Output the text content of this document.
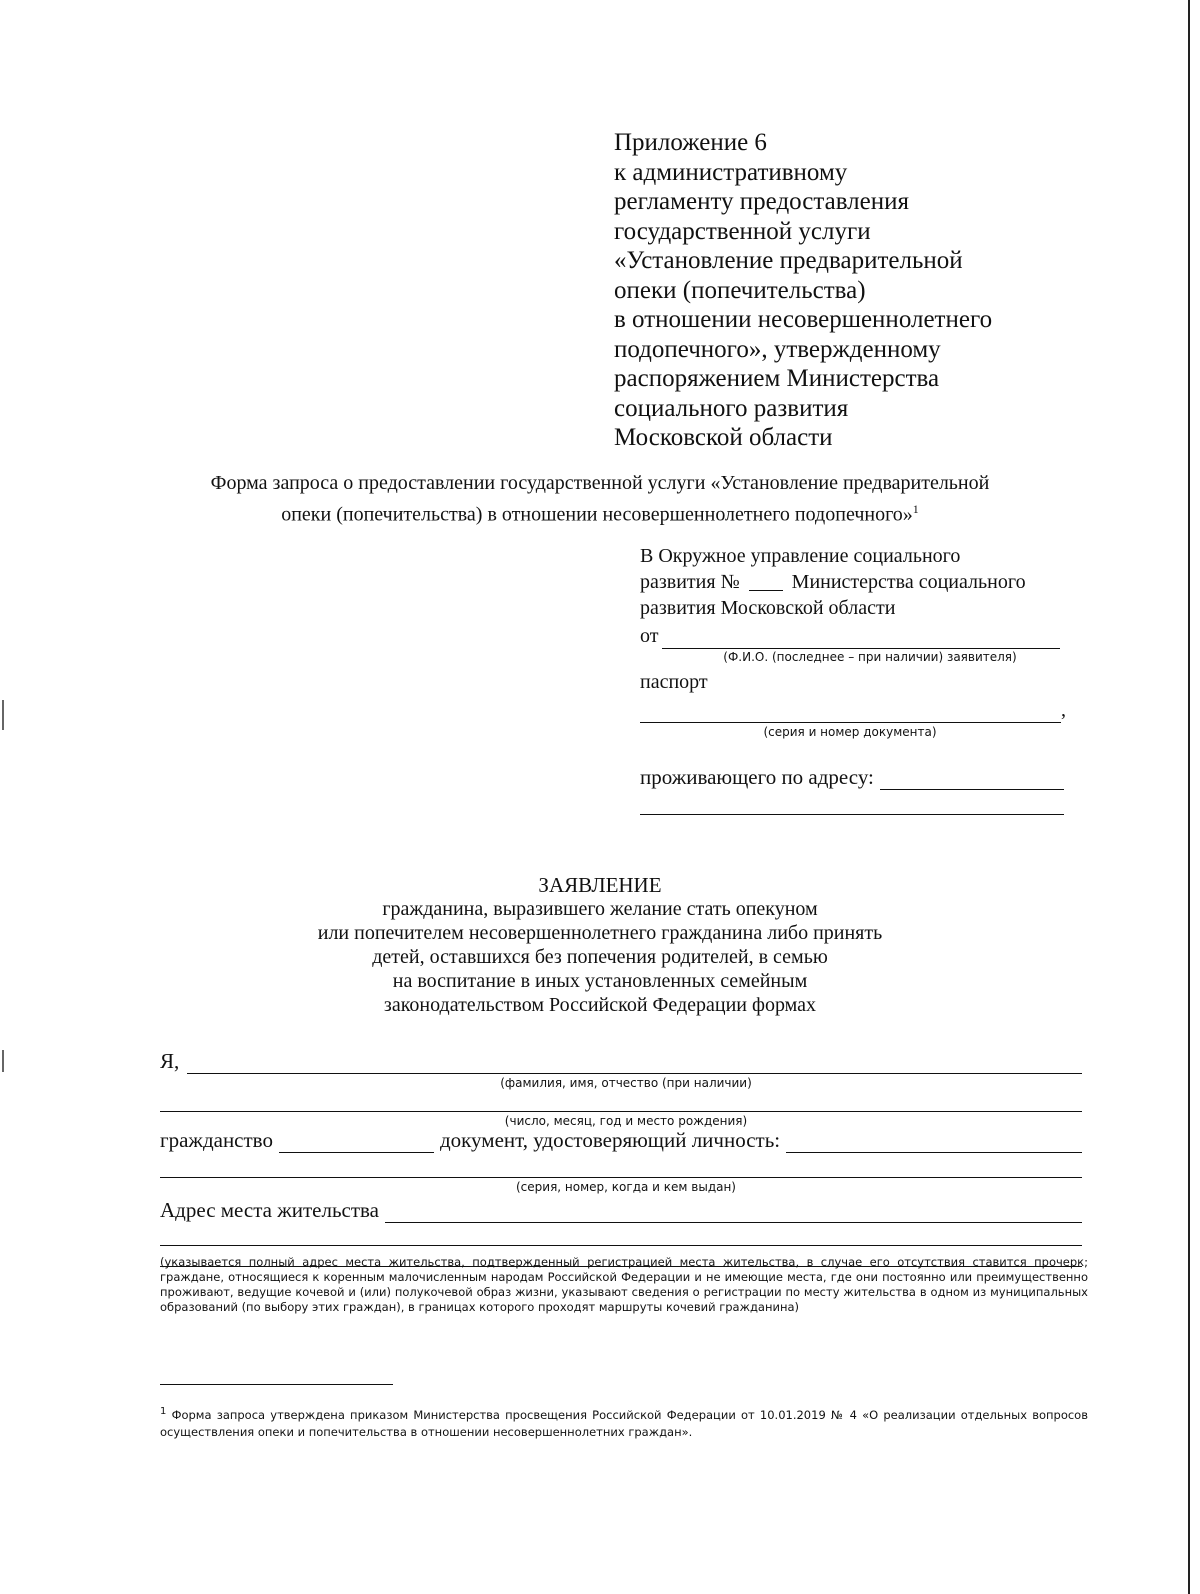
Приложение 6
к административному
регламенту предоставления
государственной услуги
«Установление предварительной
опеки (попечительства)
в отношении несовершеннолетнего
подопечного», утвержденному
распоряжением Министерства
социального развития
Московской области
Форма запроса о предоставлении государственной услуги «Установление предварительной
опеки (попечительства) в отношении несовершеннолетнего подопечного»$^1$
В Окружное управление социального
развития №	Министерства социального
развития Московской области
от
(Ф.И.О. (последнее – при наличии) заявителя)
паспорт
,
(серия и номер документа)
проживающего по адресу:
ЗАЯВЛЕНИЕ
гражданина, выразившего желание стать опекуном
или попечителем несовершеннолетнего гражданина либо принять
детей, оставшихся без попечения родителей, в семью
на воспитание в иных установленных семейным
законодательством Российской Федерации формах
Я,
(фамилия, имя, отчество (при наличии)
(число, месяц, год и место рождения)
гражданство	документ, удостоверяющий личность:
(серия, номер, когда и кем выдан)
Адрес места жительства
(указывается полный адрес места жительства, подтвержденный регистрацией места жительства, в случае его отсутствия ставится прочерк; граждане, относящиеся к коренным малочисленным народам Российской Федерации и не имеющие места, где они постоянно или преимущественно проживают, ведущие кочевой и (или) полукочевой образ жизни, указывают сведения о регистрации по месту жительства в одном из муниципальных образований (по выбору этих граждан), в границах которого проходят маршруты кочевий гражданина)
$^1$ Форма запроса утверждена приказом Министерства просвещения Российской Федерации от 10.01.2019 № 4 «О реализации отдельных вопросов осуществления опеки и попечительства в отношении несовершеннолетних граждан».
